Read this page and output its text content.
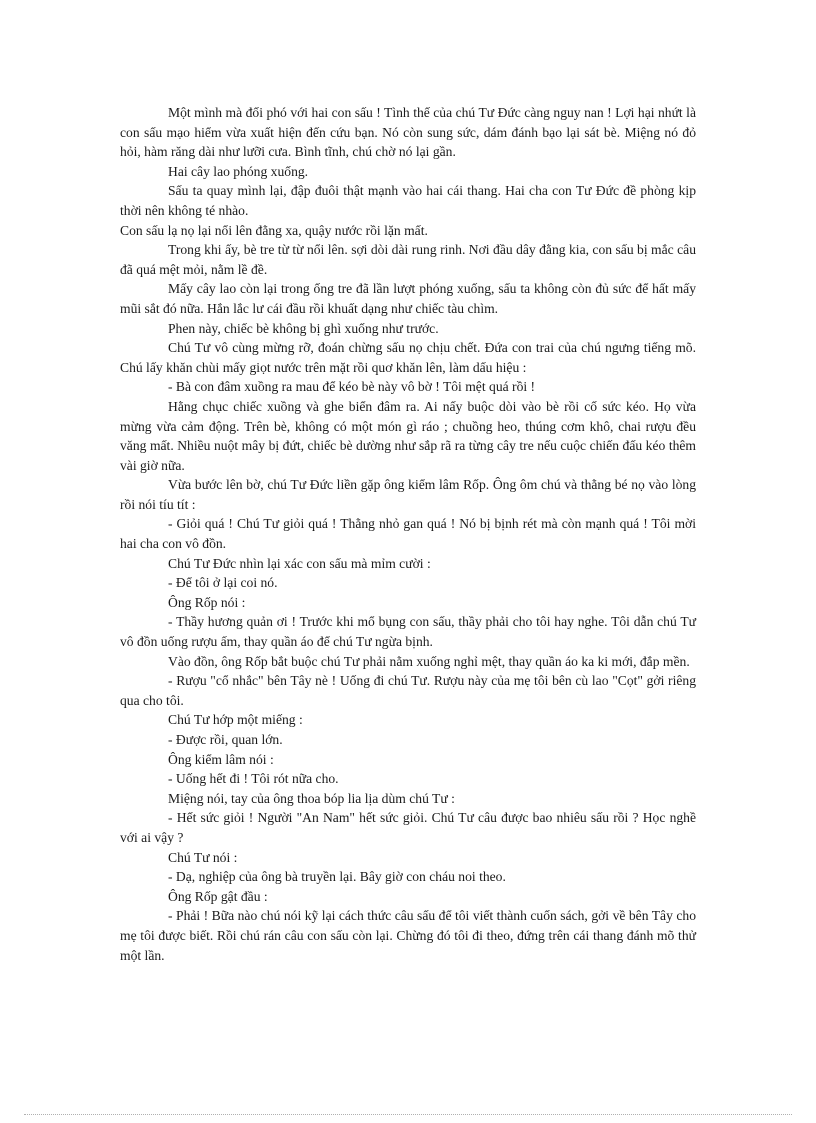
Một mình mà đối phó với hai con sấu ! Tình thế của chú Tư Đức càng nguy nan ! Lợi hại nhứt là con sấu mạo hiểm vừa xuất hiện đến cứu bạn. Nó còn sung sức, dám đánh bạo lại sát bè. Miệng nó đỏ hỏi, hàm răng dài như lưỡi cưa. Bình tĩnh, chú chờ nó lại gần.

Hai cây lao phóng xuống.

Sấu ta quay mình lại, đập đuôi thật mạnh vào hai cái thang. Hai cha con Tư Đức đề phòng kịp thời nên không té nhào.

Con sấu lạ nọ lại nổi lên đằng xa, quậy nước rồi lặn mất.

Trong khi ấy, bè tre từ từ nổi lên. sợi dòi dài rung rinh. Nơi đầu dây đằng kia, con sấu bị mắc câu đã quá mệt mỏi, nằm lề đề.

Mấy cây lao còn lại trong ống tre đã lần lượt phóng xuống, sấu ta không còn đủ sức để hất mấy mũi sắt đó nữa. Hắn lắc lư cái đầu rồi khuất dạng như chiếc tàu chìm.

Phen này, chiếc bè không bị ghì xuống như trước.

Chú Tư vô cùng mừng rỡ, đoán chừng sấu nọ chịu chết. Đứa con trai của chú ngưng tiếng mõ. Chú lấy khăn chùi mấy giọt nước trên mặt rồi quơ khăn lên, làm dấu hiệu :

- Bà con đâm xuồng ra mau để kéo bè này vô bờ ! Tôi mệt quá rồi !

Hằng chục chiếc xuồng và ghe biển đâm ra. Ai nấy buộc dòi vào bè rồi cố sức kéo. Họ vừa mừng vừa cảm động. Trên bè, không có một món gì ráo ; chuồng heo, thúng cơm khô, chai rượu đều văng mất. Nhiều nuột mây bị đứt, chiếc bè dường như sắp rã ra từng cây tre nếu cuộc chiến đấu kéo thêm vài giờ nữa.

Vừa bước lên bờ, chú Tư Đức liền gặp ông kiểm lâm Rốp. Ông ôm chú và thằng bé nọ vào lòng rồi nói tíu tít :

- Giỏi quá ! Chú Tư giỏi quá ! Thằng nhỏ gan quá ! Nó bị bịnh rét mà còn mạnh quá ! Tôi mời hai cha con vô đồn.

Chú Tư Đức nhìn lại xác con sấu mà mỉm cười :

- Để tôi ở lại coi nó.

Ông Rốp nói :

- Thầy hương quản ơi ! Trước khi mổ bụng con sấu, thầy phải cho tôi hay nghe. Tôi dẫn chú Tư vô đồn uống rượu ấm, thay quần áo để chú Tư ngừa bịnh.

Vào đồn, ông Rốp bắt buộc chú Tư phải nằm xuống nghỉ mệt, thay quần áo ka ki mới, đắp mền.

- Rượu "cổ nhắc" bên Tây nè ! Uống đi chú Tư. Rượu này của mẹ tôi bên cù lao "Cọt" gởi riêng qua cho tôi.

Chú Tư hớp một miếng :

- Được rồi, quan lớn.

Ông kiểm lâm nói :

- Uống hết đi ! Tôi rót nữa cho.

Miệng nói, tay của ông thoa bóp lia lịa dùm chú Tư :

- Hết sức giỏi ! Người "An Nam" hết sức giỏi. Chú Tư câu được bao nhiêu sấu rồi ? Học nghề với ai vậy ?

Chú Tư nói :

- Dạ, nghiệp của ông bà truyền lại. Bây giờ con cháu noi theo.

Ông Rốp gật đầu :

- Phải ! Bữa nào chú nói kỹ lại cách thức câu sấu để tôi viết thành cuốn sách, gởi về bên Tây cho mẹ tôi được biết. Rồi chú rán câu con sấu còn lại. Chừng đó tôi đi theo, đứng trên cái thang đánh mõ thử một lần.
